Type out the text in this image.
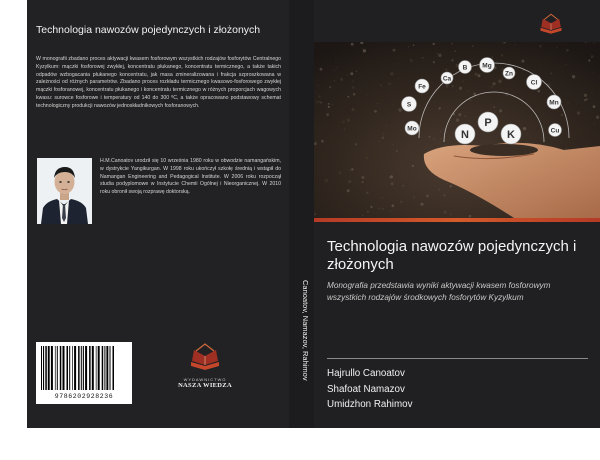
Technologia nawozów pojedynczych i złożonych
W monografii zbadano proces aktywacji kwasem fosforowym wszystkich rodzajów fosforytów Centralnego Kyzylkum: mączki fosforowej zwykłej, koncentratu płukanego, koncentratu termicznego, a także takich odpadów wzbogacania płukanego koncentratu, jak masa zmineralizowana i frakcja szproszkowana w zależności od różnych parametrów. Zbadano proces rozkładu termicznego kwasowo-fosforowego zwykłej mączki fosforanowej, koncentratu płukanego i koncentratu termicznego w różnych proporcjach wagowych kwasu: surowce fosforowe i temperatury od 140 do 300 ºC, a także opracowano podstawowy schemat technologiczny produkcji nawozów jednoskładnikowych fosforanowych.
H.M.Canoatov urodził się 10 września 1980 roku w obwodzie namangańskim, w dystrykcie Yangikurgan. W 1998 roku ukończył szkołę średnią i wstąpił do Namangan Engineering and Pedagogical Institute. W 2006 roku rozpoczął studia podyplomowe w Instytucie Chemii Ogólnej i Nieorganicznej. W 2010 roku obronił swoją rozprawę doktorską.
9786202928236
WYDAWNICTWO
NASZA WIEDZA
Canoatov, Namazov, Rahimov
Fe
Ca
B Mg
Zn
Cl
S	Mn
Mo	Cu
N
P
K
Technologia nawozów pojedynczych i złożonych
Monografia przedstawia wyniki aktywacji kwasem fosforowym wszystkich rodzajów środkowych fosforytów Kyzylkum
Hajrullo Canoatov
Shafoat Namazov
Umidzhon Rahimov
